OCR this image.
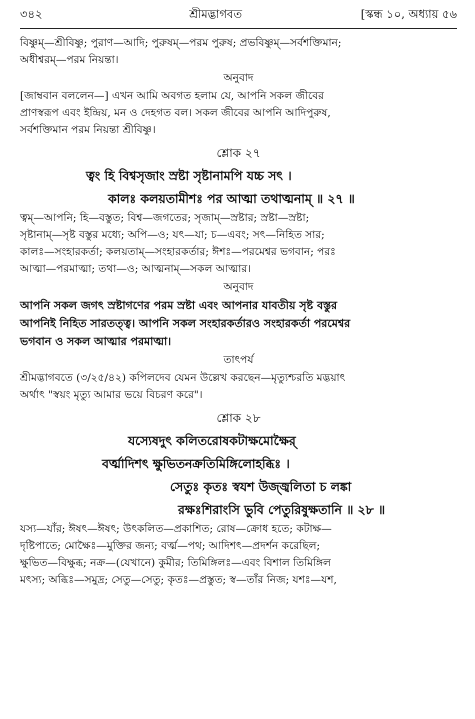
৩৪২	শ্রীমদ্ভাগবত	[স্কন্ধ ১০, অধ্যায় ৫৬

বিষ্ণুম্—শ্রীবিষ্ণু; পুরাণ—আদি; পুরুষম্—পরম পুরুষ; প্রভবিষ্ণুম্—সর্বশক্তিমান;

অধীশ্বরম্—পরম নিয়ন্তা।

অনুবাদ

[জাম্ববান বললেন—] এখন আমি অবগত হলাম যে, আপনি সকল জীবের

প্রাণস্বরূপ এবং ইন্দ্রিয়, মন ও দেহগত বল। সকল জীবের আপনি আদিপুরুষ,

সর্বশক্তিমান পরম নিয়ন্তা শ্রীবিষ্ণু।

শ্লোক ২৭

ত্বং হি বিশ্বসৃজাং স্রষ্টা সৃষ্টানামপি যচ্চ সৎ ।

কালঃ কলয়তামীশঃ পর আত্মা তথাত্মনাম্ ॥ ২৭ ॥

ত্বম্—আপনি; হি—বস্তুত; বিশ্ব—জগতের; সৃজাম্—স্রষ্টার; স্রষ্টা—স্রষ্টা;

সৃষ্টানাম্—সৃষ্ট বস্তুর মধ্যে; অপি—ও; যৎ—যা; চ—এবং; সৎ—নিহিত সার;

কালঃ—সংহারকর্তা; কলয়তাম্—সংহারকর্তার; ঈশঃ—পরমেশ্বর ভগবান; পরঃ

আত্মা—পরমাত্মা; তথা—ও; আত্মনাম্—সকল আত্মার।

অনুবাদ

আপনি সকল জগৎ স্রষ্টাগণের পরম স্রষ্টা এবং আপনার যাবতীয় সৃষ্ট বস্তুর

আপনিই নিহিত সারতত্ত্ব। আপনি সকল সংহারকর্তারও সংহারকর্তা পরমেশ্বর

ভগবান ও সকল আত্মার পরমাত্মা।

তাৎপর্য

শ্রীমদ্ভাগবতে (৩/২৫/৪২) কপিলদেব যেমন উল্লেখ করছেন—মৃত্যুশ্চরতি মদ্ভয়াৎ

অর্থাৎ "স্বয়ং মৃত্যু আমার ভয়ে বিচরণ করে"।

শ্লোক ২৮

যস্যেষদুৎ কলিতরোষকটাক্ষমোক্ষৈর্

বর্ত্মাদিশৎ ক্ষুভিতনক্রতিমিঙ্গিলোহব্ধিঃ ।

সেতুঃ কৃতঃ স্বযশ উজ্জ্বলিতা চ লঙ্কা

রক্ষঃশিরাংসি ভুবি পেতুরিষুক্ষতানি ॥ ২৮ ॥

যস্য—যাঁর; ঈষৎ—ঈষৎ; উৎকলিত—প্রকাশিত; রোষ—ক্রোধ হতে; কটাক্ষ—

দৃষ্টিপাতে; মোক্ষৈঃ—মুক্তির জন্য; বর্ত্ম—পথ; আদিশৎ—প্রদর্শন করেছিল;

ক্ষুভিত—বিক্ষুব্ধ; নক্র—(যেখানে) কুমীর; তিমিঙ্গিলঃ—এবং বিশাল তিমিঙ্গিল

মৎস্য; অব্ধিঃ—সমুদ্র; সেতু—সেতু; কৃতঃ—প্রস্তুত; স্ব—তাঁর নিজ; যশঃ—যশ,
